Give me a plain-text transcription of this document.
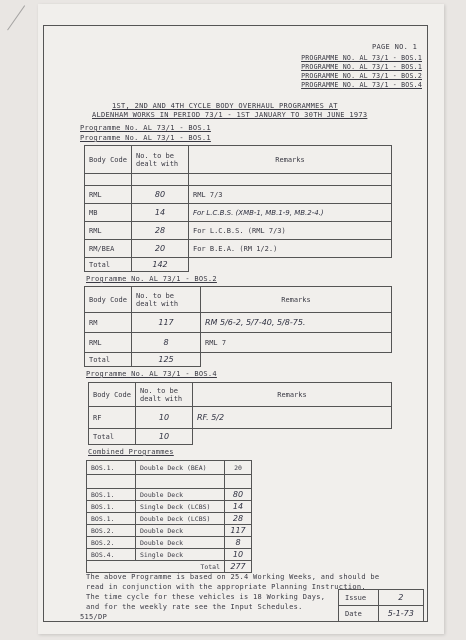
PAGE NO. 1
PROGRAMME NO. AL 73/1 - BOS.1
PROGRAMME NO. AL 73/1 - BOS.1
PROGRAMME NO. AL 73/1 - BOS.2
PROGRAMME NO. AL 73/1 - BOS.4
1ST, 2ND AND 4TH CYCLE BODY OVERHAUL PROGRAMMES AT
ALDENHAM WORKS IN PERIOD 73/1 - 1ST JANUARY TO 30TH JUNE 1973
Programme No. AL 73/1 - BOS.1
Programme No. AL 73/1 - BOS.1
Body Code	No. to be dealt with	Remarks

RML	80	RML 7/3
MB	14	For L.C.B.S. (XMB-1, MB.1-9, MB.2-4.)
RML	28	For L.C.B.S. (RML 7/3)
RM/BEA	20	For B.E.A. (RM 1/2.)
Total	142	
Programme No. AL 73/1 - BOS.2
Body Code	No. to be dealt with	Remarks
RM	117	RM 5/6-2, 5/7-40, 5/8-75.
RML	8	RML 7
Total	125	
Programme No. AL 73/1 - BOS.4
Body Code	No. to be dealt with	Remarks
RF	10	RF. 5/2
Total	10	
Combined Programmes
BOS.1.	Double Deck (BEA)	20

BOS.1.	Double Deck	80
BOS.1.	Single Deck (LCBS)	14
BOS.1.	Double Deck (LCBS)	28
BOS.2.	Double Deck	117
BOS.2.	Double Deck	8
BOS.4.	Single Deck	10
	Total	277
The above Programme is based on 25.4 Working Weeks, and should be
read in conjunction with the appropriate Planning Instruction.
The time cycle for these vehicles is 18 Working Days,
and for the weekly rate see the Input Schedules.
Issue	2
Date	5-1-73
515/DP
